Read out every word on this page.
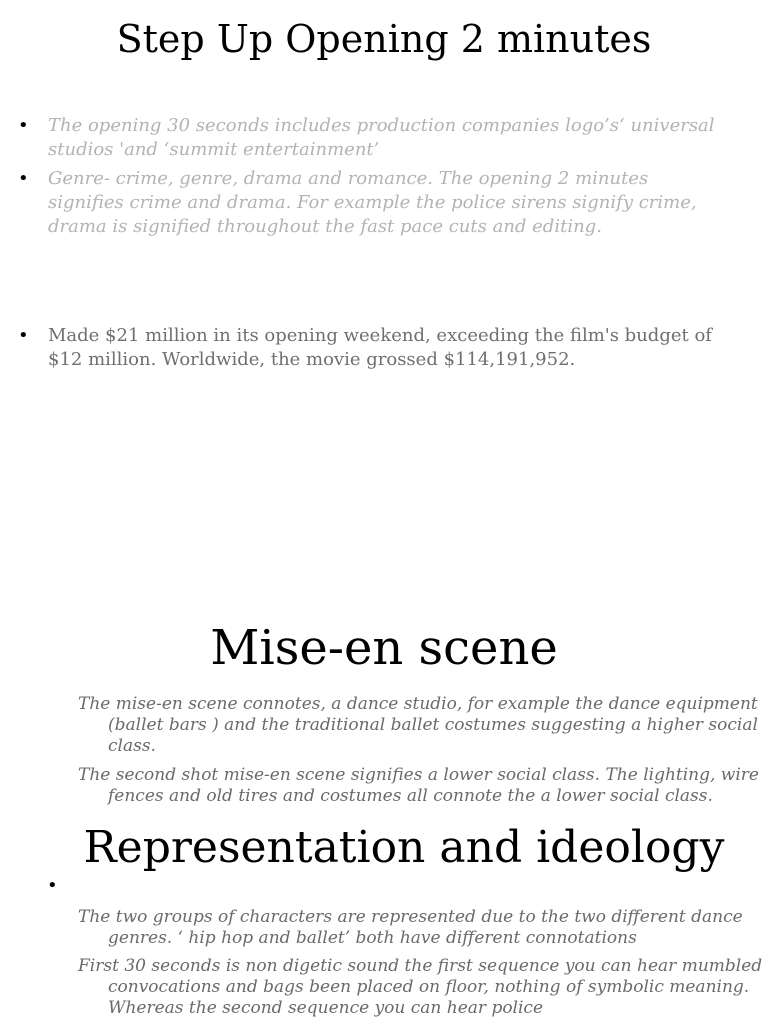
Step Up Opening 2 minutes
• The opening 30 seconds includes production companies logo’s‘ universal studios 'and ‘summit entertainment’
• Genre- crime, genre, drama and romance. The opening 2 minutes signifies crime and drama. For example the police sirens signify crime, drama is signified throughout the fast pace cuts and editing.
• Made $21 million in its opening weekend, exceeding the film's budget of $12 million. Worldwide, the movie grossed $114,191,952.
Mise-en scene
The mise-en scene connotes, a dance studio, for example the dance equipment (ballet bars ) and the traditional ballet costumes suggesting a higher social class.
The second shot mise-en scene signifies a lower social class. The lighting, wire fences and old tires and costumes all connote the a lower social class.
Representation and ideology
•
The two groups of characters are represented due to the two different dance genres. ‘ hip hop and ballet’ both have different connotations
First 30 seconds is non digetic sound the first sequence you can hear mumbled convocations and bags been placed on floor, nothing of symbolic meaning. Whereas the second sequence you can hear police
